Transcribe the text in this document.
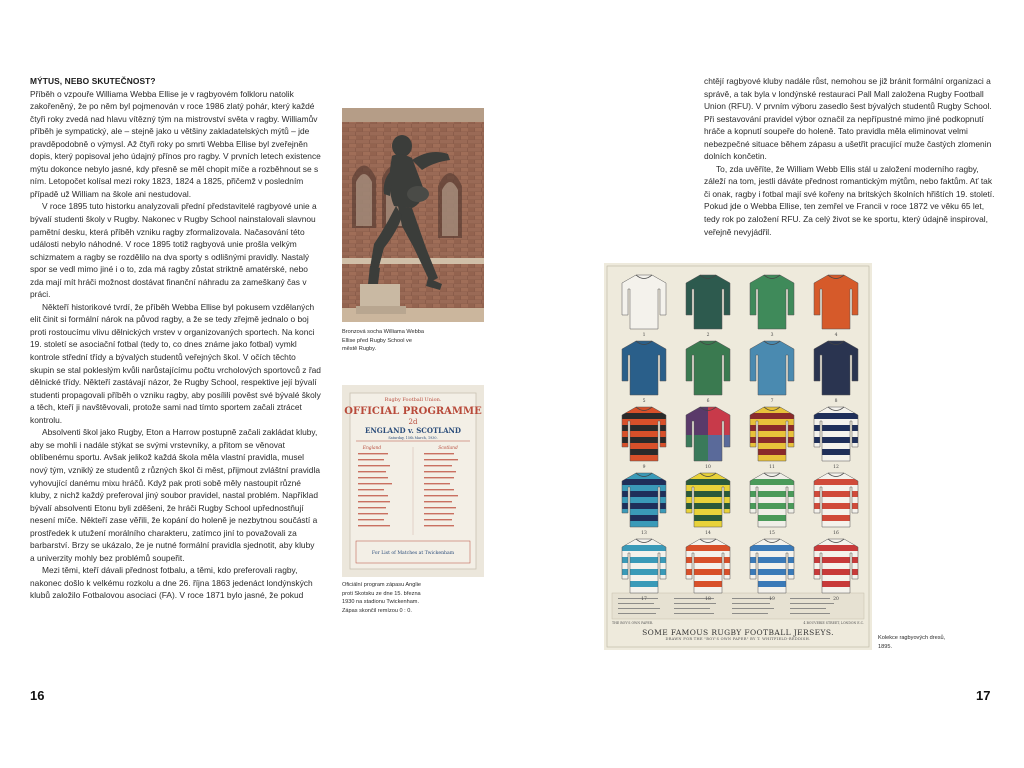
MÝTUS, NEBO SKUTEČNOST?

Příběh o vzpouře Williama Webba Ellise je v ragbyovém folkloru natolik zakořeněný, že po něm byl pojmenován v roce 1986 zlatý pohár, který každé čtyři roky zvedá nad hlavu vítězný tým na mistrovství světa v ragby. Williamův příběh je sympatický, ale – stejně jako u většiny zakladatelských mýtů – jde pravděpodobně o výmysl. Až čtyři roky po smrti Webba Ellise byl zveřejněn dopis, který popisoval jeho údajný přínos pro ragby. V prvních letech existence mýtu dokonce nebylo jasné, kdy přesně se měl chopit míče a rozběhnout se s ním. Letopočet kolísal mezi roky 1823, 1824 a 1825, přičemž v posledním případě už William na škole ani nestudoval.

V roce 1895 tuto historku analyzovali přední představitelé ragbyové unie a bývalí studenti školy v Rugby. Nakonec v Rugby School nainstalovali slavnou pamětní desku, která příběh vzniku ragby zformalizovala. Načasování této události nebylo náhodné. V roce 1895 totiž ragbyová unie prošla velkým schizmatem a ragby se rozdělilo na dva sporty s odlišnými pravidly. Nastalý spor se vedl mimo jiné i o to, zda má ragby zůstat striktně amatérské, nebo zda mají mít hráči možnost dostávat finanční náhradu za zameškaný čas v práci.

Někteří historikové tvrdí, že příběh Webba Ellise byl pokusem vzdělaných elit činit si formální nárok na původ ragby, a že se tedy zřejmě jednalo o boj proti rostoucímu vlivu dělnických vrstev v organizovaných sportech. Na konci 19. století se asociační fotbal (tedy to, co dnes známe jako fotbal) vymkl kontrole střední třídy a bývalých studentů veřejných škol. V očích těchto skupin se stal pokleslým kvůli narůstajícímu počtu vrcholových sportovců z řad dělnické třídy. Někteří zastávají názor, že Rugby School, respektive její bývalí studenti propagovali příběh o vzniku ragby, aby posílili pověst své bývalé školy a těch, kteří ji navštěvovali, protože sami nad tímto sportem začali ztrácet kontrolu.

Absolventi škol jako Rugby, Eton a Harrow postupně začali zakládat kluby, aby se mohli i nadále stýkat se svými vrstevníky, a přitom se věnovat oblíbenému sportu. Avšak jelikož každá škola měla vlastní pravidla, musel nový tým, vzniklý ze studentů z různých škol či měst, přijmout zvláštní pravidla vyhovující danému mixu hráčů. Když pak proti sobě měly nastoupit různé kluby, z nichž každý preferoval jiný soubor pravidel, nastal problém. Například bývalí absolventi Etonu byli zděšeni, že hráči Rugby School upřednostňují nesení míče. Někteří zase věřili, že kopání do holeně je nezbytnou součástí a prostředek k utužení morálního charakteru, zatímco jiní to považovali za barbarství. Brzy se ukázalo, že je nutné formální pravidla sjednotit, aby kluby a univerzity mohly bez problémů soupeřit.

Mezi těmi, kteří dávali přednost fotbalu, a těmi, kdo preferovali ragby, nakonec došlo k velkému rozkolu a dne 26. října 1863 jedenáct londýnských klubů založilo Fotbalovou asociaci (FA). V roce 1871 bylo jasné, že pokud

16
Bronzová socha Williama Webba Ellise před Rugby School ve městě Rugby.
Rugby Football Union.
OFFICIAL PROGRAMME
2d
ENGLAND v. SCOTLAND
Saturday, 15th March, 1930.
England	Scotland
For List of Matches at Twickenham
Oficiální program zápasu Anglie proti Skotsku ze dne 15. března 1930 na stadionu Twickenham. Zápas skončil remízou 0 : 0.

chtějí ragbyové kluby nadále růst, nemohou se již bránit formální organizaci a správě, a tak byla v londýnské restauraci Pall Mall založena Rugby Football Union (RFU). V prvním výboru zasedlo šest bývalých studentů Rugby School. Při sestavování pravidel výbor označil za nepřípustné mimo jiné podkopnutí hráče a kopnutí soupeře do holeně. Tato pravidla měla eliminovat velmi nebezpečné situace během zápasu a ušetřit pracující muže častých zlomenin dolních končetin.

To, zda uvěříte, že William Webb Ellis stál u založení moderního ragby, záleží na tom, jestli dáváte přednost romantickým mýtům, nebo faktům. Ať tak či onak, ragby i fotbal mají své kořeny na britských školních hřištích 19. století. Pokud jde o Webba Ellise, ten zemřel ve Francii v roce 1872 ve věku 65 let, tedy rok po založení RFU. Za celý život se ke sportu, který údajně inspiroval, veřejně nevyjádřil.

17
1	2	3	4
5	6	7	8
9	10	11	12
13	14	15	16
17	18	19	20
THE BOY'S OWN PAPER.	4 BOUVERIE STREET, LONDON E.C.
SOME FAMOUS RUGBY FOOTBALL JERSEYS.
DRAWN FOR THE "BOY'S OWN PAPER" BY T. WHITFIELD-REDDISH.	Kolekce ragbyových dresů, 1895.
